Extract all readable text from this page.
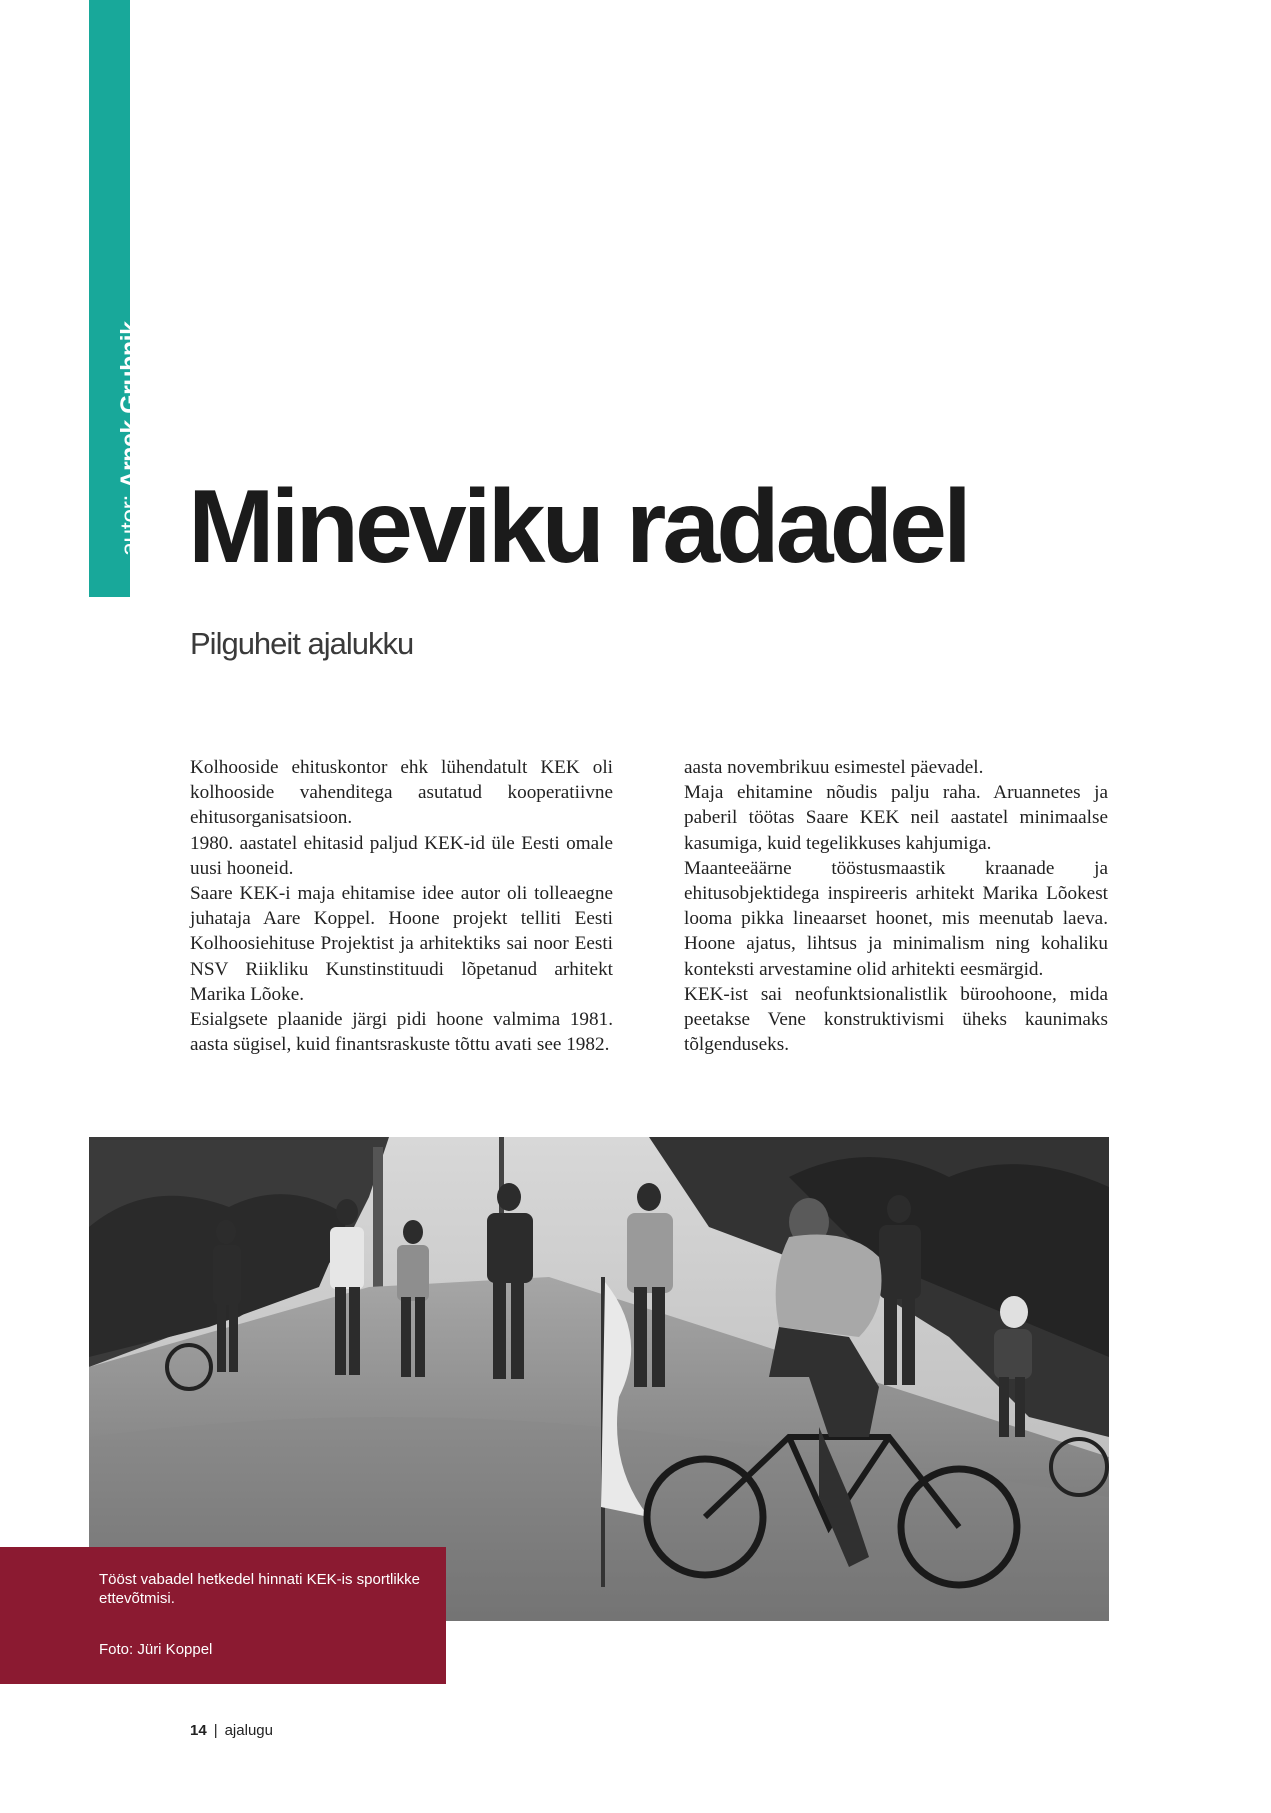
autor: Arnek Grubnik
Mineviku radadel

Pilguheit ajalukku

Kolhooside ehituskontor ehk lühendatult KEK oli kolhooside vahenditega asutatud kooperatiivne ehitusorganisatsioon.

1980. aastatel ehitasid paljud KEK-id üle Eesti omale uusi hooneid.

Saare KEK-i maja ehitamise idee autor oli tolleaegne juhataja Aare Koppel. Hoone projekt telliti Eesti Kolhoosiehituse Projektist ja arhitektiks sai noor Eesti NSV Riikliku Kunstinstituudi lõpetanud arhitekt Marika Lõoke.

Esialgsete plaanide järgi pidi hoone valmima 1981. aasta sügisel, kuid finantsraskuste tõttu avati see 1982.

aasta novembrikuu esimestel päevadel.

Maja ehitamine nõudis palju raha. Aruannetes ja paberil töötas Saare KEK neil aastatel minimaalse kasumiga, kuid tegelikkuses kahjumiga.

Maanteeäärne tööstusmaastik kraanade ja ehitusobjektidega inspireeris arhitekt Marika Lõokest looma pikka lineaarset hoonet, mis meenutab laeva. Hoone ajatus, lihtsus ja minimalism ning kohaliku konteksti arvestamine olid arhitekti eesmärgid.

KEK-ist sai neofunktsionalistlik büroohoone, mida peetakse Vene konstruktivismi üheks kaunimaks tõlgenduseks.

Tööst vabadel hetkedel hinnati KEK-is sportlikke ettevõtmisi.
Foto: Jüri Koppel
14 | ajalugu
